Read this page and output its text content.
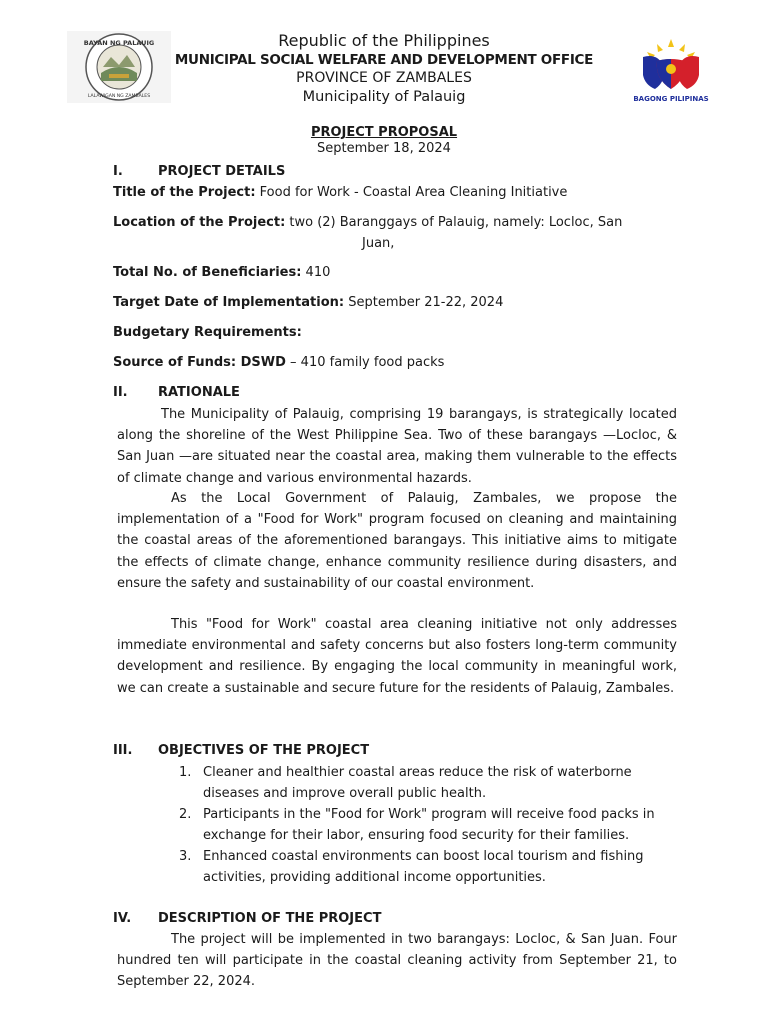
BAYAN NG PALAUIG
LALAWIGAN NG ZAMBALES	BAGONG PILIPINAS
Republic of the Philippines
MUNICIPAL SOCIAL WELFARE AND DEVELOPMENT OFFICE
PROVINCE OF ZAMBALES
Municipality of Palauig
PROJECT PROPOSAL
September 18, 2024
I.	PROJECT DETAILS
Title of the Project: Food for Work - Coastal Area Cleaning Initiative
Location of the Project: two (2) Baranggays of Palauig, namely: Locloc, San
Juan,
Total No. of Beneficiaries: 410
Target Date of Implementation: September 21-22, 2024
Budgetary Requirements:
Source of Funds: DSWD – 410 family food packs
II. RATIONALE
The Municipality of Palauig, comprising 19 barangays, is strategically located along the shoreline of the West Philippine Sea. Two of these barangays —Locloc, & San Juan —are situated near the coastal area, making them vulnerable to the effects of climate change and various environmental hazards.
As the Local Government of Palauig, Zambales, we propose the implementation of a "Food for Work" program focused on cleaning and maintaining the coastal areas of the aforementioned barangays. This initiative aims to mitigate the effects of climate change, enhance community resilience during disasters, and ensure the safety and sustainability of our coastal environment.
This "Food for Work" coastal area cleaning initiative not only addresses immediate environmental and safety concerns but also fosters long-term community development and resilience. By engaging the local community in meaningful work, we can create a sustainable and secure future for the residents of Palauig, Zambales.
III. OBJECTIVES OF THE PROJECT
1. Cleaner and healthier coastal areas reduce the risk of waterborne diseases and improve overall public health.
2. Participants in the "Food for Work" program will receive food packs in exchange for their labor, ensuring food security for their families.
3. Enhanced coastal environments can boost local tourism and fishing activities, providing additional income opportunities.
IV. DESCRIPTION OF THE PROJECT
The project will be implemented in two barangays: Locloc, & San Juan. Four hundred ten will participate in the coastal cleaning activity from September 21, to September 22, 2024.
